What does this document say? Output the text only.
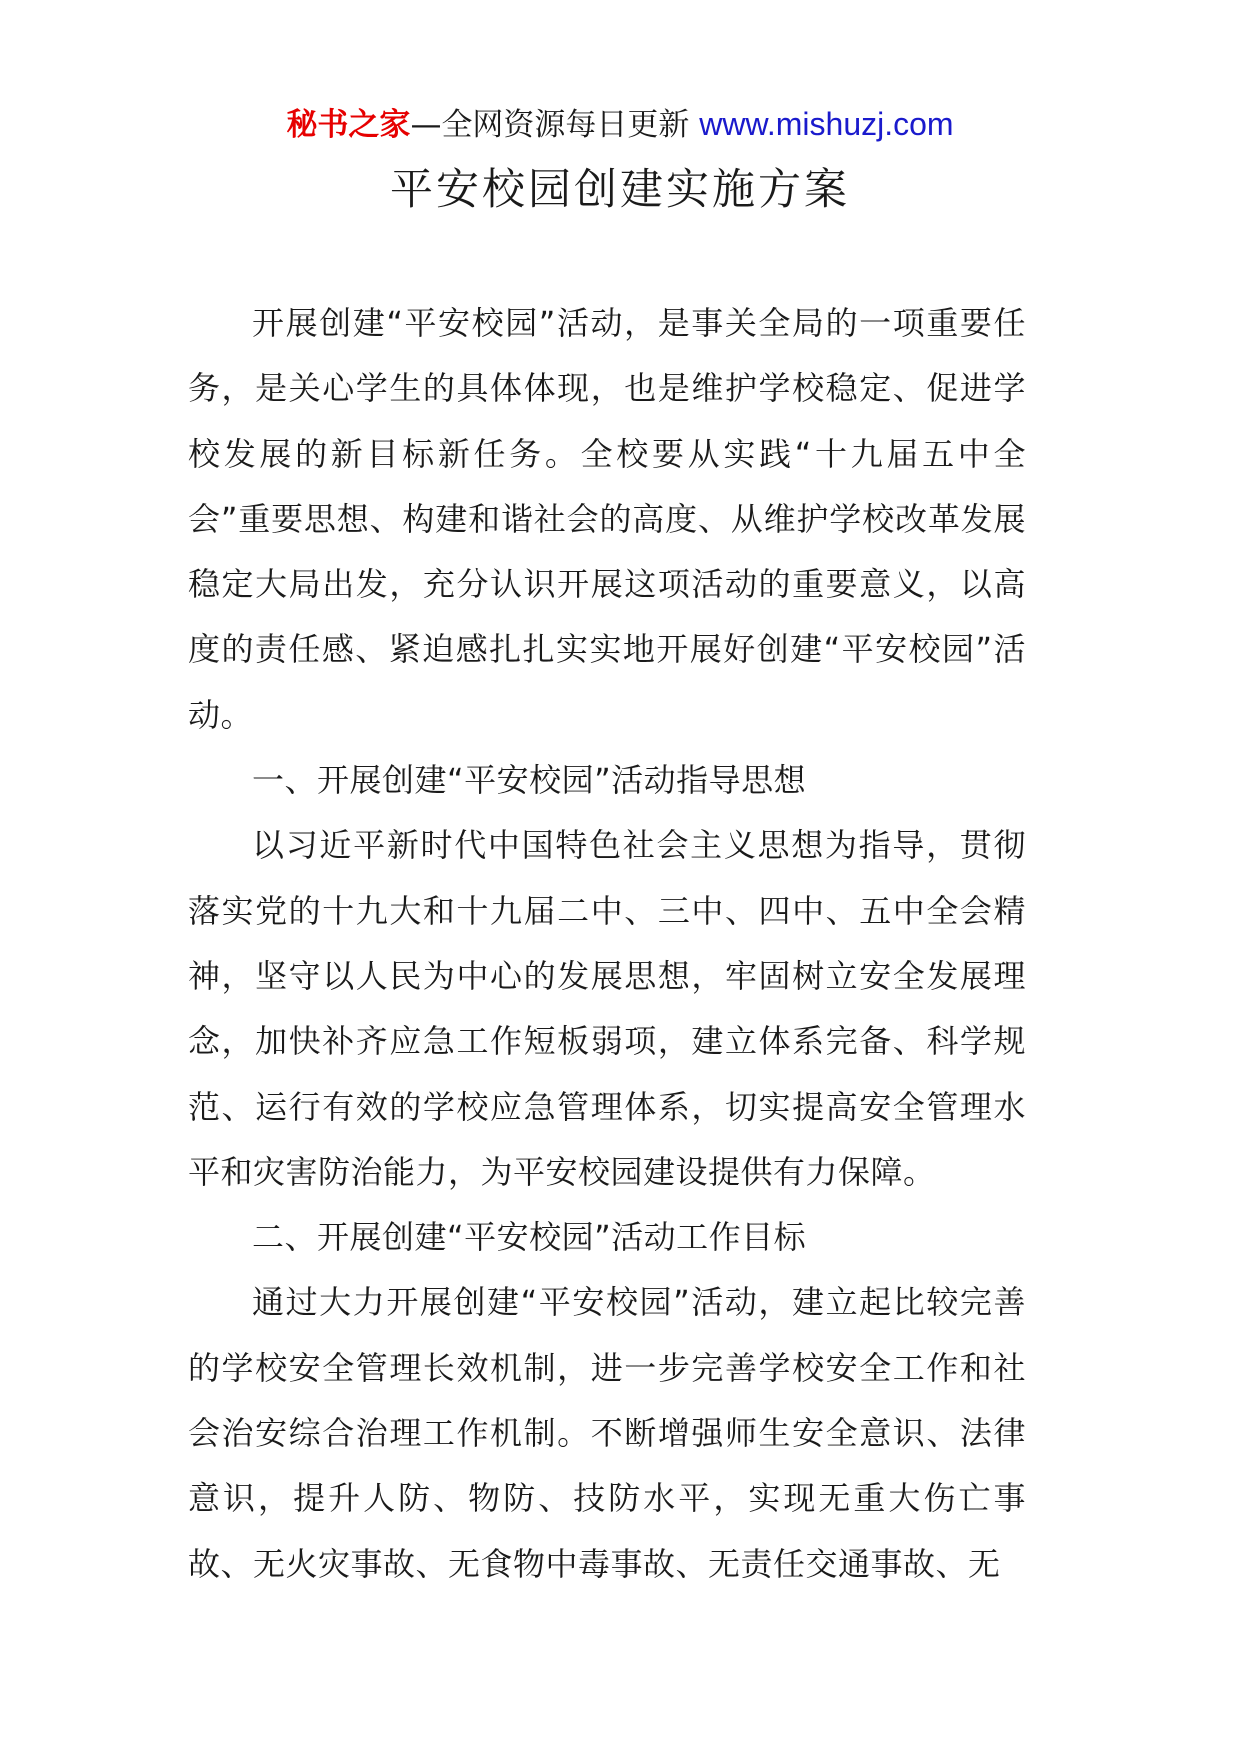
秘书之家—全网资源每日更新 www.mishuzj.com
平安校园创建实施方案

开展创建“平安校园”活动，是事关全局的一项重要任务，是关心学生的具体体现，也是维护学校稳定、促进学校发展的新目标新任务。全校要从实践“十九届五中全会”重要思想、构建和谐社会的高度、从维护学校改革发展稳定大局出发，充分认识开展这项活动的重要意义，以高度的责任感、紧迫感扎扎实实地开展好创建“平安校园”活动。

一、开展创建“平安校园”活动指导思想

以习近平新时代中国特色社会主义思想为指导，贯彻落实党的十九大和十九届二中、三中、四中、五中全会精神，坚守以人民为中心的发展思想，牢固树立安全发展理念，加快补齐应急工作短板弱项，建立体系完备、科学规范、运行有效的学校应急管理体系，切实提高安全管理水平和灾害防治能力，为平安校园建设提供有力保障。

二、开展创建“平安校园”活动工作目标

通过大力开展创建“平安校园”活动，建立起比较完善的学校安全管理长效机制，进一步完善学校安全工作和社会治安综合治理工作机制。不断增强师生安全意识、法律意识，提升人防、物防、技防水平，实现无重大伤亡事故、无火灾事故、无食物中毒事故、无责任交通事故、无
